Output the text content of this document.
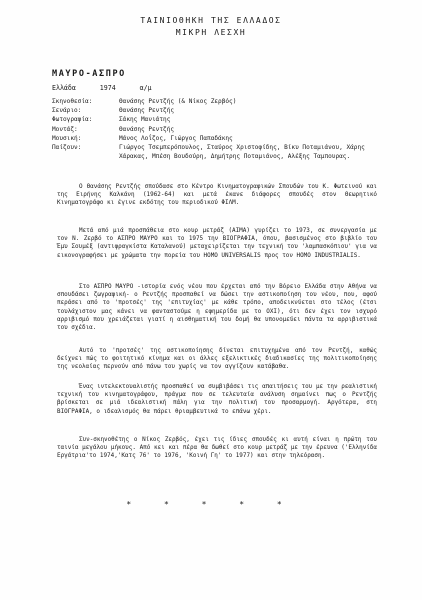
ΤΑΙΝΙΟΘΗΚΗ ΤΗΣ ΕΛΛΑΔΟΣ
ΜΙΚΡΗ ΛΕΣΧΗ
ΜΑΥΡΟ-ΑΣΠΡΟ
Ελλάδα	1974	α/μ
Σκηνοθεσία:	Θανάσης Ρεντζής (& Νίκος Ζερβός)
Σενάριο:	Θανάσης Ρεντζής
Φωτογραφία:	Σάκης Μανιάτης
Μοντάζ:	Θανάσης Ρεντζής
Μουσική:	Μάνος Λοΐζος, Γιώργος Παπαδάκης
Παίζουν:	Γιώργος Τσεμπερόπουλος, Σταύρος Χριστοφίδης, Βίκυ Ποταμιάνου, Χάρης Χάρακας, Μπέση Βουδούρη, Δημήτρης Ποταμιάνος, Αλέξης Ταμπουρας.
Ο Θανάσης Ρεντζής σπούδασε στο Κέντρο Κινηματογραφικών Σπουδών του Κ. Φωτεινού και της Ειρήνης Καλκάνη (1962-64) και μετά έκανε διάφορες σπουδές στον Θεωρητικό Κινηματογράφο κι έγινε εκδότης του περιοδικού ΦΙΛΜ.
Μετά από μιά προσπάθεια στο κουρ μετράζ (ΑΙΜΑ) γυρίζει το 1973, σε συνεργασία με τον Ν. Ζερβό το ΑΣΠΡΟ ΜΑΥΡΟ και το 1975 την ΒΙΟΓΡΑΦΙΑ, όπου, βασισμένος στο βιβλίο του Έμυ Σουμέξ (αντιφραγκίστα Καταλανού) μεταχειρίζεται την τεχνική του 'λαμπασκόπιου' για να εικονογραφήσει με χρώματα την πορεία του HOMO UNIVERSALIS προς τον HOMO INDUSTRIALIS.
Στο ΑΣΠΡΟ ΜΑΥΡΟ -ιστορία ενός νέου που έρχεται από την Βόρειο Ελλάδα στην Αθήνα να σπουδάσει ζωγραφική- ο Ρεντζής προσπαθεί να δώσει την αστικοποίηση του νέου, που, αφού περάσει από το 'προτσές' της 'επιτυχίας' με κάθε τρόπο, απoδεικνύεται στο τέλος (έτσι τουλάχιστον μας κάνει να φανταστούμε η εφημερίδα με το ΟΧΙ), ότι δεν έχει τον ισχυρό αρριβισμό που χρειάζεται γιατί η αισθηματική του δομή θα υπονομεύει πάντα τα αρριβιστικά του σχέδια.
Αυτό το 'προτσές' της αστικοποίησης δίνεται επιτυχημένα από τον Ρεντζή, καθώς δείχνει πώς το φοιτητικό κίνημα και οι άλλες εξελικτικές διαδικασίες της πολιτικοποίησης της νεολαίας περνούν από πάνω του χωρίς να τον αγγίζουν κατάβαθα.
Ένας ιντελεκτουαλιστής προσπαθεί να συμβιβάσει τις απαιτήσεις του με την ρεαλιστική τεχνική του κινηματογράφου, πράγμα που σε τελευταία ανάλυση σημαίνει πως ο Ρεντζής βρίσκεται σε μιά ιδεαλιστική πάλη για την πολιτική του προσαρμογή. Αργότερα, στη ΒΙΟΓΡΑΦΙΑ, ο ιδεαλισμός θα πάρει θριαμβευτικά το επάνω χέρι.
Συν-σκηνοθέτης ο Νίκος Ζερβός, έχει τις ίδιες σπουδές κι αυτή είναι η πρώτη του ταινία μεγάλου μήκους. Από κει και πέρα θα δωθεί στο κουρ μετράζ με την έρευνα ('Ελληνίδα Εργάτρια'το 1974,'Κατς 76' το 1976, 'Κοινή Γη' το 1977) και στην τηλεόραση.
* * * * *
